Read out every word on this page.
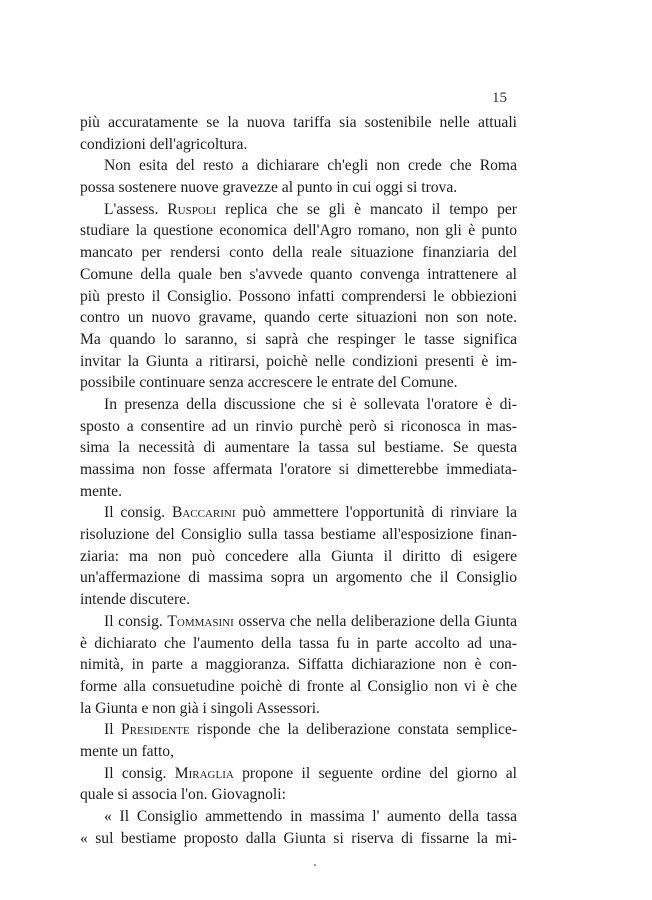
15
più accuratamente se la nuova tariffa sia sostenibile nelle attuali
condizioni dell'agricoltura.
Non esita del resto a dichiarare ch'egli non crede che Roma
possa sostenere nuove gravezze al punto in cui oggi si trova.
L'assess. Ruspoli replica che se gli è mancato il tempo per
studiare la questione economica dell'Agro romano, non gli è punto
mancato per rendersi conto della reale situazione finanziaria del
Comune della quale ben s'avvede quanto convenga intrattenere al
più presto il Consiglio. Possono infatti comprendersi le obbiezioni
contro un nuovo gravame, quando certe situazioni non son note.
Ma quando lo saranno, si saprà che respinger le tasse significa
invitar la Giunta a ritirarsi, poichè nelle condizioni presenti è im-
possibile continuare senza accrescere le entrate del Comune.
In presenza della discussione che si è sollevata l'oratore è di-
sposto a consentire ad un rinvio purchè però si riconosca in mas-
sima la necessità di aumentare la tassa sul bestiame. Se questa
massima non fosse affermata l'oratore si dimetterebbe immediata-
mente.
Il consig. Baccarini può ammettere l'opportunità di rinviare la
risoluzione del Consiglio sulla tassa bestiame all'esposizione finan-
ziaria: ma non può concedere alla Giunta il diritto di esigere
un'affermazione di massima sopra un argomento che il Consiglio
intende discutere.
Il consig. Tommasini osserva che nella deliberazione della Giunta
è dichiarato che l'aumento della tassa fu in parte accolto ad una-
nimità, in parte a maggioranza. Siffatta dichiarazione non è con-
forme alla consuetudine poichè di fronte al Consiglio non vi è che
la Giunta e non già i singoli Assessori.
Il Presidente risponde che la deliberazione constata semplice-
mente un fatto,
Il consig. Miraglia propone il seguente ordine del giorno al
quale si associa l'on. Giovagnoli:
« Il Consiglio ammettendo in massima l' aumento della tassa
« sul bestiame proposto dalla Giunta si riserva di fissarne la mi-
